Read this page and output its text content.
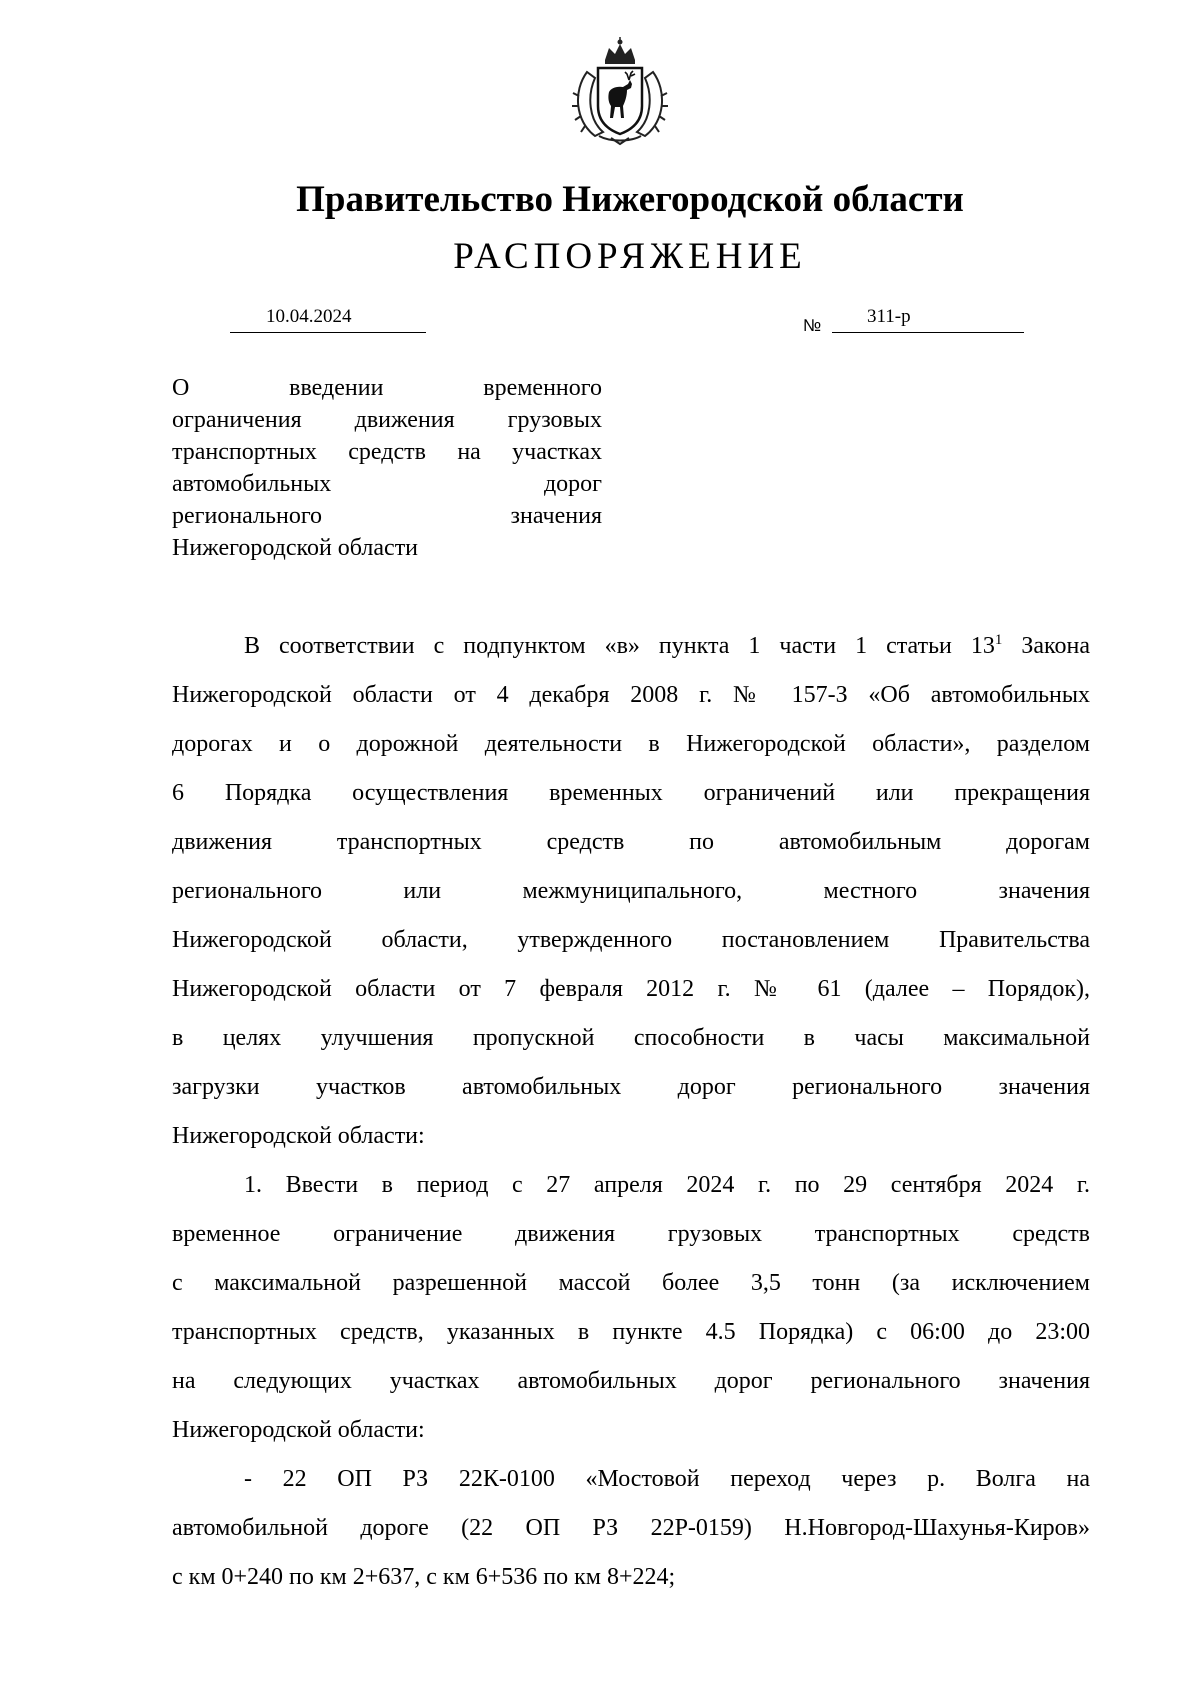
Правительство Нижегородской области
РАСПОРЯЖЕНИЕ
10.04.2024	№ 311-р
О введении временного
ограничения движения грузовых
транспортных средств на участках
автомобильных дорог
регионального значения
Нижегородской области
В соответствии с подпунктом «в» пункта 1 части 1 статьи $13^1$ Закона
Нижегородской области от 4 декабря 2008 г. № 157-З «Об автомобильных
дорогах и о дорожной деятельности в Нижегородской области», разделом
6 Порядка осуществления временных ограничений или прекращения
движения транспортных средств по автомобильным дорогам
регионального или межмуниципального, местного значения
Нижегородской области, утвержденного постановлением Правительства
Нижегородской области от 7 февраля 2012 г. № 61 (далее – Порядок),
в целях улучшения пропускной способности в часы максимальной
загрузки участков автомобильных дорог регионального значения
Нижегородской области:
1. Ввести в период с 27 апреля 2024 г. по 29 сентября 2024 г.
временное ограничение движения грузовых транспортных средств
с максимальной разрешенной массой более 3,5 тонн (за исключением
транспортных средств, указанных в пункте 4.5 Порядка) с 06:00 до 23:00
на следующих участках автомобильных дорог регионального значения
Нижегородской области:
- 22 ОП РЗ 22К-0100 «Мостовой переход через р. Волга на
автомобильной дороге (22 ОП РЗ 22Р-0159) Н.Новгород-Шахунья-Киров»
с км 0+240 по км 2+637, с км 6+536 по км 8+224;
